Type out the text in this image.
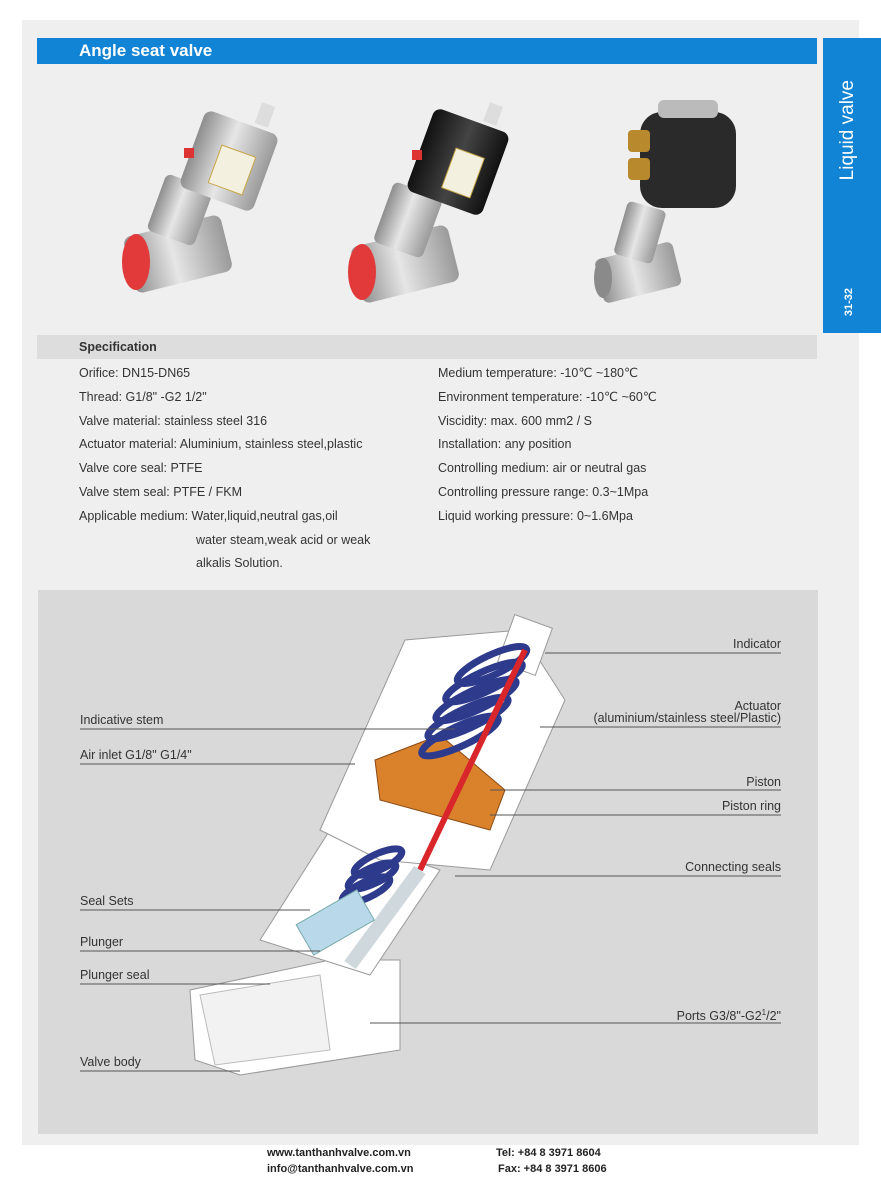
Angle seat valve
Liquid valve
31-32
Specification
Orifice: DN15-DN65
Thread: G1/8" -G2 1/2"
Valve material: stainless steel 316
Actuator material: Aluminium, stainless steel,plastic
Valve core seal: PTFE
Valve stem seal: PTFE / FKM
Applicable medium: Water,liquid,neutral gas,oil
water steam,weak acid or weak
alkalis Solution.
Medium temperature: -10℃ ~180℃
Environment temperature: -10℃ ~60℃
Viscidity: max. 600 mm2 / S
Installation: any position
Controlling medium: air or neutral gas
Controlling pressure range: 0.3~1Mpa
Liquid working pressure: 0~1.6Mpa
Indicator
Actuator
(aluminium/stainless steel/Plastic)
Piston
Piston ring
Connecting seals
Ports $G3/8"-G2^1/2$"
Indicative stem
Air inlet G1/8" G1/4"
Seal Sets
Plunger
Plunger seal
Valve body
www.tanthanhvalve.com.vn
info@tanthanhvalve.com.vn
Tel: +84 8 3971 8604
Fax: +84 8 3971 8606
